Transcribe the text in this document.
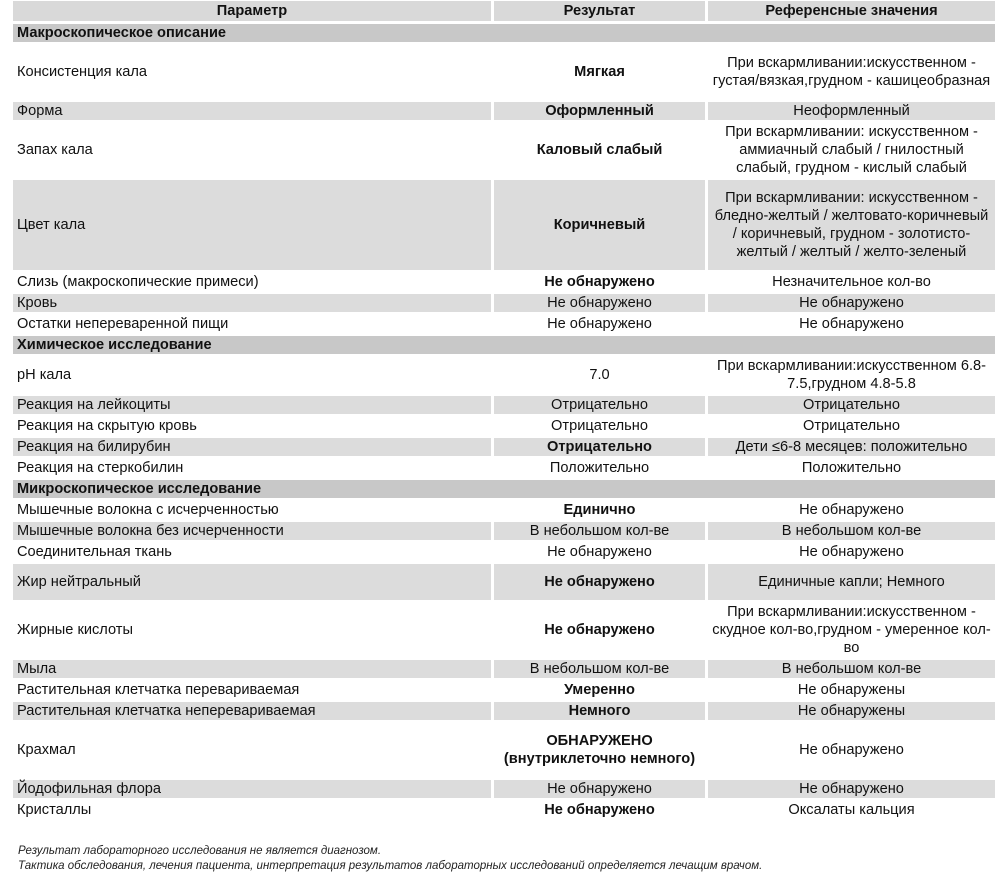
Параметр	Результат	Референсные значения
Макроскопическое описание		
Консистенция кала	Мягкая	При вскармливании:искусственном - густая/вязкая,грудном - кашицеобразная
Форма	Оформленный	Неоформленный
Запах кала	Каловый слабый	При вскармливании: искусственном - аммиачный слабый / гнилостный слабый, грудном - кислый слабый
Цвет кала	Коричневый	При вскармливании: искусственном - бледно-желтый / желтовато-коричневый / коричневый, грудном - золотисто-желтый / желтый / желто-зеленый
Слизь (макроскопические примеси)	Не обнаружено	Незначительное кол-во
Кровь	Не обнаружено	Не обнаружено
Остатки непереваренной пищи	Не обнаружено	Не обнаружено
Химическое исследование		
pH кала	7.0	При вскармливании:искусственном 6.8-7.5,грудном 4.8-5.8
Реакция на лейкоциты	Отрицательно	Отрицательно
Реакция на скрытую кровь	Отрицательно	Отрицательно
Реакция на билирубин	Отрицательно	Дети ≤6-8 месяцев: положительно
Реакция на стеркобилин	Положительно	Положительно
Микроскопическое исследование		
Мышечные волокна с исчерченностью	Единично	Не обнаружено
Мышечные волокна без исчерченности	В небольшом кол-ве	В небольшом кол-ве
Соединительная ткань	Не обнаружено	Не обнаружено
Жир нейтральный	Не обнаружено	Единичные капли; Немного
Жирные кислоты	Не обнаружено	При вскармливании:искусственном - скудное кол-во,грудном - умеренное кол-во
Мыла	В небольшом кол-ве	В небольшом кол-ве
Растительная клетчатка перевариваемая	Умеренно	Не обнаружены
Растительная клетчатка неперевариваемая	Немного	Не обнаружены
Крахмал	ОБНАРУЖЕНО (внутриклеточно немного)	Не обнаружено
Йодофильная флора	Не обнаружено	Не обнаружено
Кристаллы	Не обнаружено	Оксалаты кальция
Результат лабораторного исследования не является диагнозом.
Тактика обследования, лечения пациента, интерпретация результатов лабораторных исследований определяется лечащим врачом.
